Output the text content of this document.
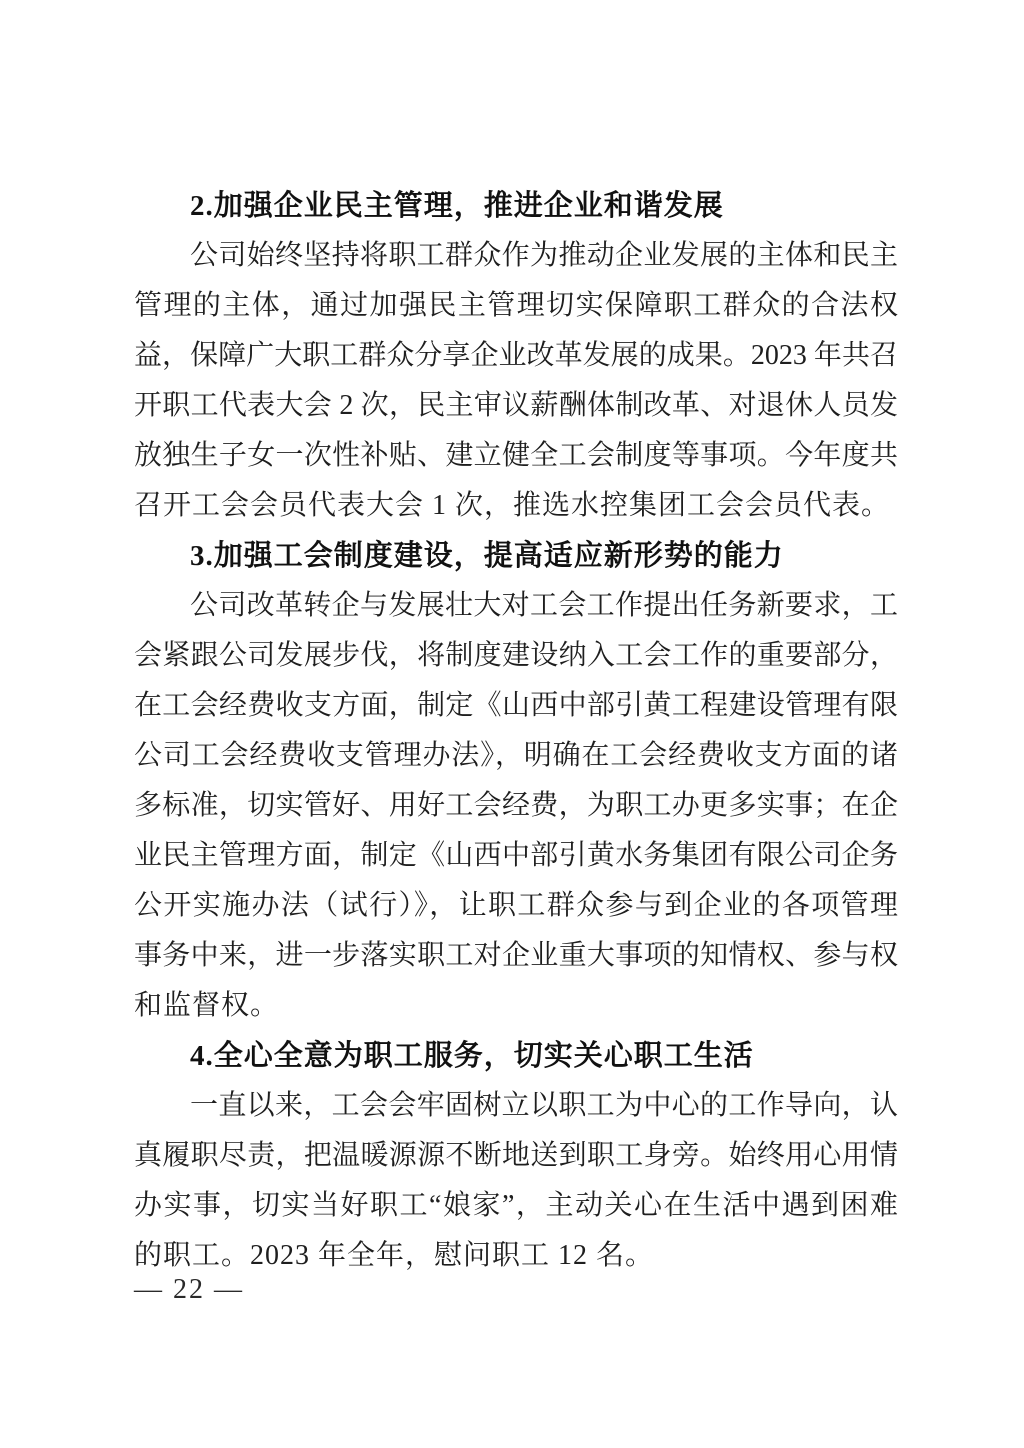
2.加强企业民主管理，推进企业和谐发展
公司始终坚持将职工群众作为推动企业发展的主体和民主
管理的主体，通过加强民主管理切实保障职工群众的合法权
益，保障广大职工群众分享企业改革发展的成果。2023 年共召
开职工代表大会 2 次，民主审议薪酬体制改革、对退休人员发
放独生子女一次性补贴、建立健全工会制度等事项。今年度共
召开工会会员代表大会 1 次，推选水控集团工会会员代表。
3.加强工会制度建设，提高适应新形势的能力
公司改革转企与发展壮大对工会工作提出任务新要求，工
会紧跟公司发展步伐，将制度建设纳入工会工作的重要部分，
在工会经费收支方面，制定《山西中部引黄工程建设管理有限
公司工会经费收支管理办法》，明确在工会经费收支方面的诸
多标准，切实管好、用好工会经费，为职工办更多实事；在企
业民主管理方面，制定《山西中部引黄水务集团有限公司企务
公开实施办法（试行）》，让职工群众参与到企业的各项管理
事务中来，进一步落实职工对企业重大事项的知情权、参与权
和监督权。
4.全心全意为职工服务，切实关心职工生活
一直以来，工会会牢固树立以职工为中心的工作导向，认
真履职尽责，把温暖源源不断地送到职工身旁。始终用心用情
办实事，切实当好职工“娘家”，主动关心在生活中遇到困难
的职工。2023 年全年，慰问职工 12 名。
— 22 —
